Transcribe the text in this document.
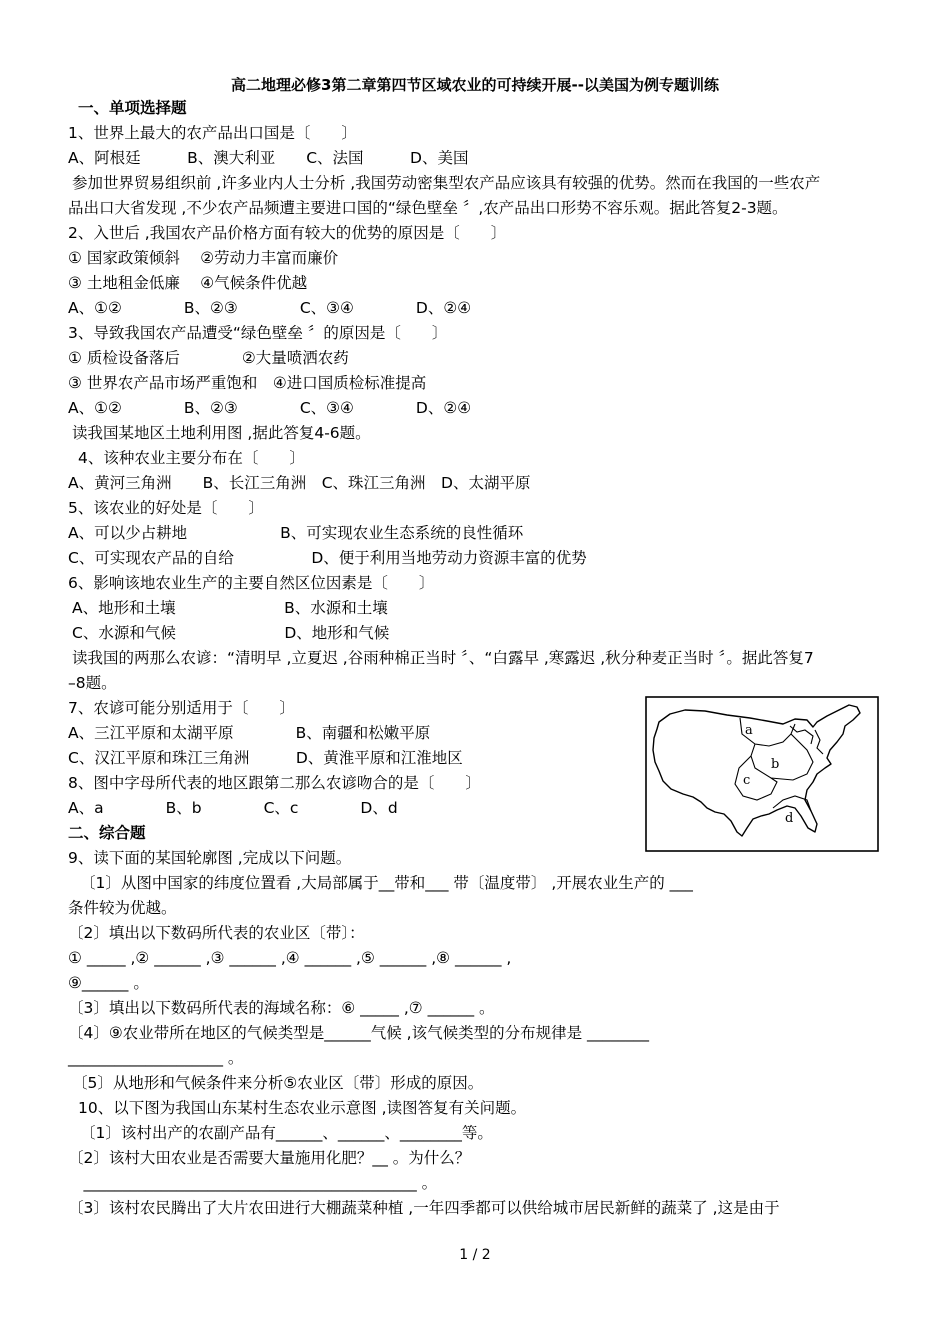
高二地理必修3第二章第四节区域农业的可持续开展--以美国为例专题训练
一、单项选择题
1、世界上最大的农产品出口国是〔　　〕
A、阿根廷　　　B、澳大利亚　　C、法国　　　D、美国
参加世界贸易组织前 ,许多业内人士分析 ,我国劳动密集型农产品应该具有较强的优势。然而在我国的一些农产
品出口大省发现 ,不少农产品频遭主要进口国的“绿色壁垒 〞,农产品出口形势不容乐观。据此答复2-3题。
2、入世后 ,我国农产品价格方面有较大的优势的原因是〔　　〕
① 国家政策倾斜　 ②劳动力丰富而廉价
③ 土地租金低廉　 ④气候条件优越
A、①②　　　　B、②③　　　　C、③④　　　　D、②④
3、导致我国农产品遭受“绿色壁垒 〞的原因是〔　　〕
① 质检设备落后　　　　②大量喷洒农药
③ 世界农产品市场严重饱和　④进口国质检标准提高
A、①②　　　　B、②③　　　　C、③④　　　　D、②④
读我国某地区土地利用图 ,据此答复4-6题。
4、该种农业主要分布在〔　　〕
A、黄河三角洲　　B、长江三角洲　C、珠江三角洲　D、太湖平原
5、该农业的好处是〔　　〕
A、可以少占耕地　　　　　　B、可实现农业生态系统的良性循环
C、可实现农产品的自给　　　　　D、便于利用当地劳动力资源丰富的优势
6、影响该地农业生产的主要自然区位因素是〔　　〕
A、地形和土壤　　　　　　　B、水源和土壤
C、水源和气候　　　　　　　D、地形和气候
读我国的两那么农谚：“清明早 ,立夏迟 ,谷雨种棉正当时 〞、“白露早 ,寒露迟 ,秋分种麦正当时 〞。据此答复7
–8题。
7、农谚可能分别适用于〔　　〕
A、三江平原和太湖平原　　　　B、南疆和松嫩平原
C、汉江平原和珠江三角洲　　　D、黄淮平原和江淮地区
8、图中字母所代表的地区跟第二那么农谚吻合的是〔　　〕
A、a　　　　B、b　　　　C、c　　　　D、d
二、综合题
9、读下面的某国轮廓图 ,完成以下问题。
〔1〕从图中国家的纬度位置看 ,大局部属于__带和___ 带〔温度带〕 ,开展农业生产的 ___
条件较为优越。
〔2〕填出以下数码所代表的农业区〔带〕：
① _____ ,② ______ ,③ ______ ,④ ______ ,⑤ ______ ,⑧ ______ ,
⑨______ 。
〔3〕填出以下数码所代表的海域名称：⑥ _____ ,⑦ ______ 。
〔4〕⑨农业带所在地区的气候类型是______气候 ,该气候类型的分布规律是 ________
____________________ 。
〔5〕从地形和气候条件来分析⑤农业区〔带〕形成的原因。
10、以下图为我国山东某村生态农业示意图 ,读图答复有关问题。
〔1〕该村出产的农副产品有______、______、________等。
〔2〕该村大田农业是否需要大量施用化肥？__ 。为什么？
　___________________________________________ 。
〔3〕该村农民腾出了大片农田进行大棚蔬菜种植 ,一年四季都可以供给城市居民新鲜的蔬菜了 ,这是由于
a
b
c
d
1 / 2
